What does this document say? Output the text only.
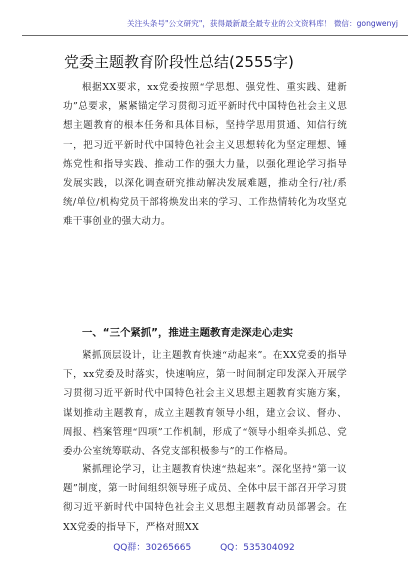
关注头条号"公文研究"，获得最新最全最专业的公文资料库！ 微信：gongwenyj
党委主题教育阶段性总结(2555字)
根据XX要求，xx党委按照“学思想、强党性、重实践、建新功”总要求，紧紧锚定学习贯彻习近平新时代中国特色社会主义思想主题教育的根本任务和具体目标，坚持学思用贯通、知信行统一，把习近平新时代中国特色社会主义思想转化为坚定理想、锤炼党性和指导实践、推动工作的强大力量，以强化理论学习指导发展实践，以深化调查研究推动解决发展难题，推动全行/社/系统/单位/机构党员干部将焕发出来的学习、工作热情转化为攻坚克难干事创业的强大动力。
一、“三个紧抓”，推进主题教育走深走心走实
紧抓顶层设计，让主题教育快速“动起来”。在XX党委的指导下，xx党委及时落实，快速响应，第一时间制定印发深入开展学习贯彻习近平新时代中国特色社会主义思想主题教育实施方案，谋划推动主题教育，成立主题教育领导小组，建立会议、督办、周报、档案管理“四项”工作机制，形成了“领导小组牵头抓总、党委办公室统筹联动、各党支部积极参与”的工作格局。
紧抓理论学习，让主题教育快速“热起来”。深化坚持“第一议题”制度，第一时间组织领导班子成员、全体中层干部召开学习贯彻习近平新时代中国特色社会主义思想主题教育动员部署会。在XX党委的指导下，严格对照XX
QQ群：30265665	QQ：535304092
